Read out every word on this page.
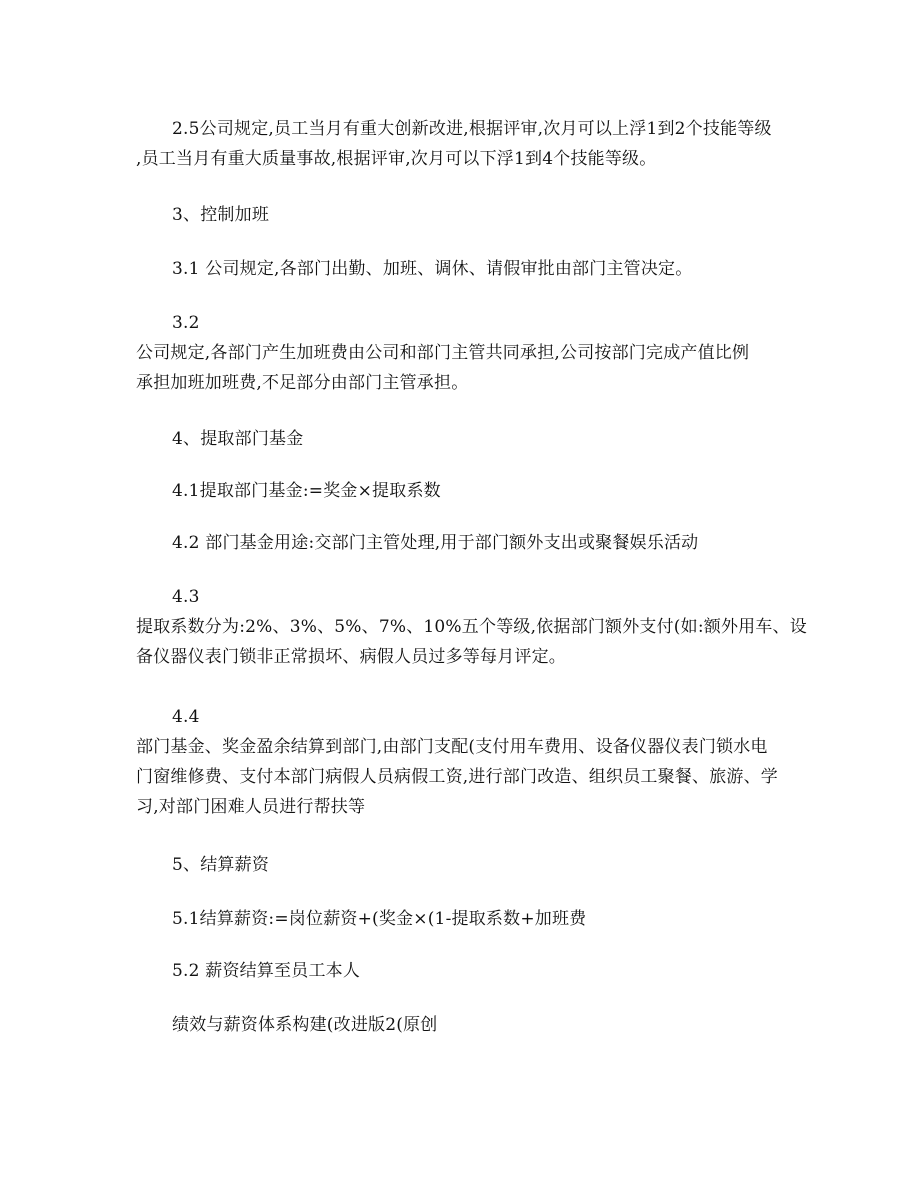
2.5公司规定,员工当月有重大创新改进,根据评审,次月可以上浮1到2个技能等级
,员工当月有重大质量事故,根据评审,次月可以下浮1到4个技能等级。
3、控制加班
3.1 公司规定,各部门出勤、加班、调休、请假审批由部门主管决定。
3.2
公司规定,各部门产生加班费由公司和部门主管共同承担,公司按部门完成产值比例
承担加班加班费,不足部分由部门主管承担。
4、提取部门基金
4.1提取部门基金:=奖金×提取系数
4.2 部门基金用途:交部门主管处理,用于部门额外支出或聚餐娱乐活动
4.3
提取系数分为:2%、3%、5%、7%、10%五个等级,依据部门额外支付(如:额外用车、设
备仪器仪表门锁非正常损坏、病假人员过多等每月评定。
4.4
部门基金、奖金盈余结算到部门,由部门支配(支付用车费用、设备仪器仪表门锁水电
门窗维修费、支付本部门病假人员病假工资,进行部门改造、组织员工聚餐、旅游、学
习,对部门困难人员进行帮扶等
5、结算薪资
5.1结算薪资:=岗位薪资+(奖金×(1-提取系数+加班费
5.2 薪资结算至员工本人
绩效与薪资体系构建(改进版2(原创
